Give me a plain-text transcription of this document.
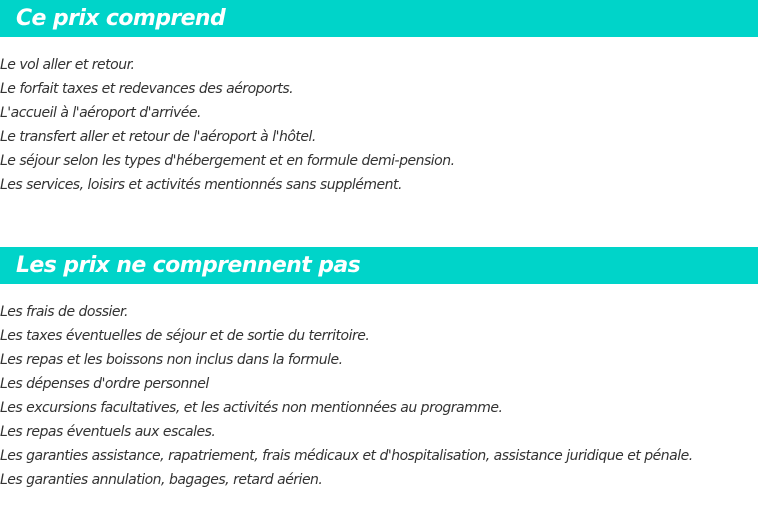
Ce prix comprend
Le vol aller et retour.
Le forfait taxes et redevances des aéroports.
L'accueil à l'aéroport d'arrivée.
Le transfert aller et retour de l'aéroport à l'hôtel.
Le séjour selon les types d'hébergement et en formule demi-pension.
Les services, loisirs et activités mentionnés sans supplément.
Les prix ne comprennent pas
Les frais de dossier.
Les taxes éventuelles de séjour et de sortie du territoire.
Les repas et les boissons non inclus dans la formule.
Les dépenses d'ordre personnel
Les excursions facultatives, et les activités non mentionnées au programme.
Les repas éventuels aux escales.
Les garanties assistance, rapatriement, frais médicaux et d'hospitalisation, assistance juridique et pénale.
Les garanties annulation, bagages, retard aérien.
